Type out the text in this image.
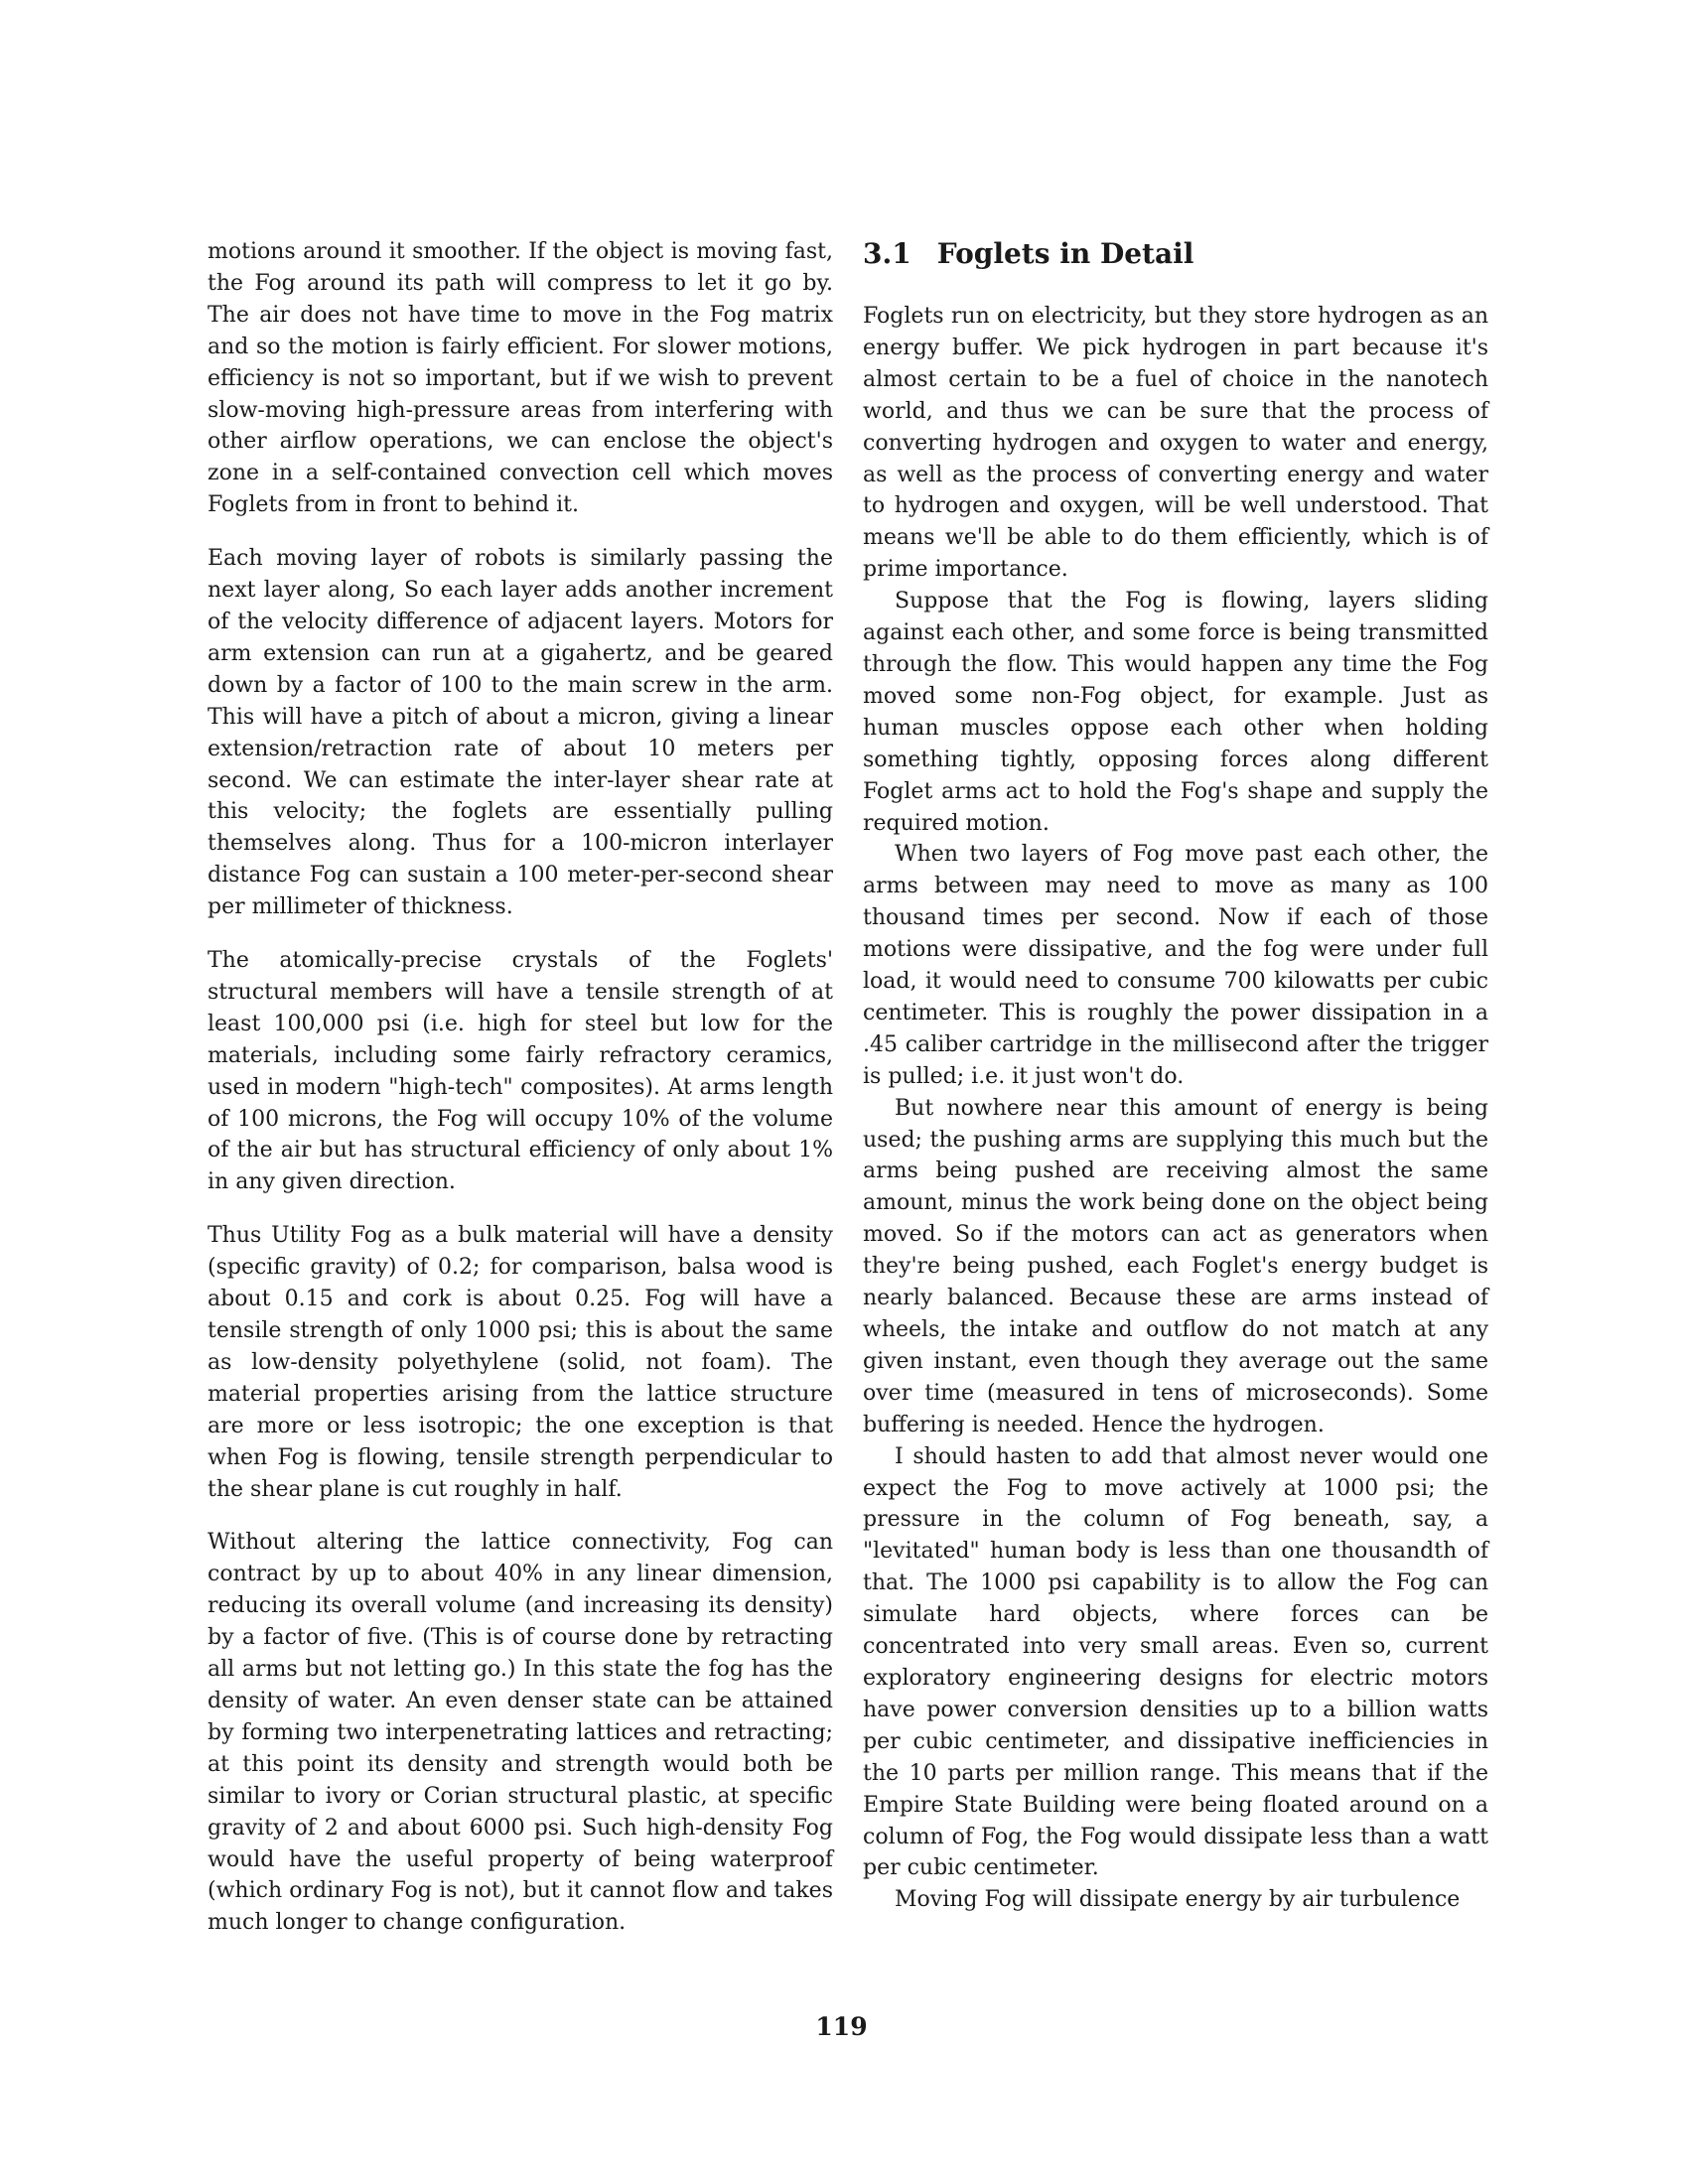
motions around it smoother. If the object is moving fast, the Fog around its path will compress to let it go by. The air does not have time to move in the Fog matrix and so the motion is fairly efficient. For slower motions, efficiency is not so important, but if we wish to prevent slow-moving high-pressure areas from interfering with other airflow operations, we can enclose the object's zone in a self-contained convection cell which moves Foglets from in front to behind it.

Each moving layer of robots is similarly passing the next layer along, So each layer adds another increment of the velocity difference of adjacent layers. Motors for arm extension can run at a gigahertz, and be geared down by a factor of 100 to the main screw in the arm. This will have a pitch of about a micron, giving a linear extension/retraction rate of about 10 meters per second. We can estimate the inter-layer shear rate at this velocity; the foglets are essentially pulling themselves along. Thus for a 100-micron interlayer distance Fog can sustain a 100 meter-per-second shear per millimeter of thickness.

The atomically-precise crystals of the Foglets' structural members will have a tensile strength of at least 100,000 psi (i.e. high for steel but low for the materials, including some fairly refractory ceramics, used in modern "high-tech" composites). At arms length of 100 microns, the Fog will occupy 10% of the volume of the air but has structural efficiency of only about 1% in any given direction.

Thus Utility Fog as a bulk material will have a density (specific gravity) of 0.2; for comparison, balsa wood is about 0.15 and cork is about 0.25. Fog will have a tensile strength of only 1000 psi; this is about the same as low-density polyethylene (solid, not foam). The material properties arising from the lattice structure are more or less isotropic; the one exception is that when Fog is flowing, tensile strength perpendicular to the shear plane is cut roughly in half.

Without altering the lattice connectivity, Fog can contract by up to about 40% in any linear dimension, reducing its overall volume (and increasing its density) by a factor of five. (This is of course done by retracting all arms but not letting go.) In this state the fog has the density of water. An even denser state can be attained by forming two interpenetrating lattices and retracting; at this point its density and strength would both be similar to ivory or Corian structural plastic, at specific gravity of 2 and about 6000 psi. Such high-density Fog would have the useful property of being waterproof (which ordinary Fog is not), but it cannot flow and takes much longer to change configuration.

3.1 Foglets in Detail

Foglets run on electricity, but they store hydrogen as an energy buffer. We pick hydrogen in part because it's almost certain to be a fuel of choice in the nanotech world, and thus we can be sure that the process of converting hydrogen and oxygen to water and energy, as well as the process of converting energy and water to hydrogen and oxygen, will be well understood. That means we'll be able to do them efficiently, which is of prime importance.

Suppose that the Fog is flowing, layers sliding against each other, and some force is being transmitted through the flow. This would happen any time the Fog moved some non-Fog object, for example. Just as human muscles oppose each other when holding something tightly, opposing forces along different Foglet arms act to hold the Fog's shape and supply the required motion.

When two layers of Fog move past each other, the arms between may need to move as many as 100 thousand times per second. Now if each of those motions were dissipative, and the fog were under full load, it would need to consume 700 kilowatts per cubic centimeter. This is roughly the power dissipation in a .45 caliber cartridge in the millisecond after the trigger is pulled; i.e. it just won't do.

But nowhere near this amount of energy is being used; the pushing arms are supplying this much but the arms being pushed are receiving almost the same amount, minus the work being done on the object being moved. So if the motors can act as generators when they're being pushed, each Foglet's energy budget is nearly balanced. Because these are arms instead of wheels, the intake and outflow do not match at any given instant, even though they average out the same over time (measured in tens of microseconds). Some buffering is needed. Hence the hydrogen.

I should hasten to add that almost never would one expect the Fog to move actively at 1000 psi; the pressure in the column of Fog beneath, say, a "levitated" human body is less than one thousandth of that. The 1000 psi capability is to allow the Fog can simulate hard objects, where forces can be concentrated into very small areas. Even so, current exploratory engineering designs for electric motors have power conversion densities up to a billion watts per cubic centimeter, and dissipative inefficiencies in the 10 parts per million range. This means that if the Empire State Building were being floated around on a column of Fog, the Fog would dissipate less than a watt per cubic centimeter.

Moving Fog will dissipate energy by air turbulence

119
